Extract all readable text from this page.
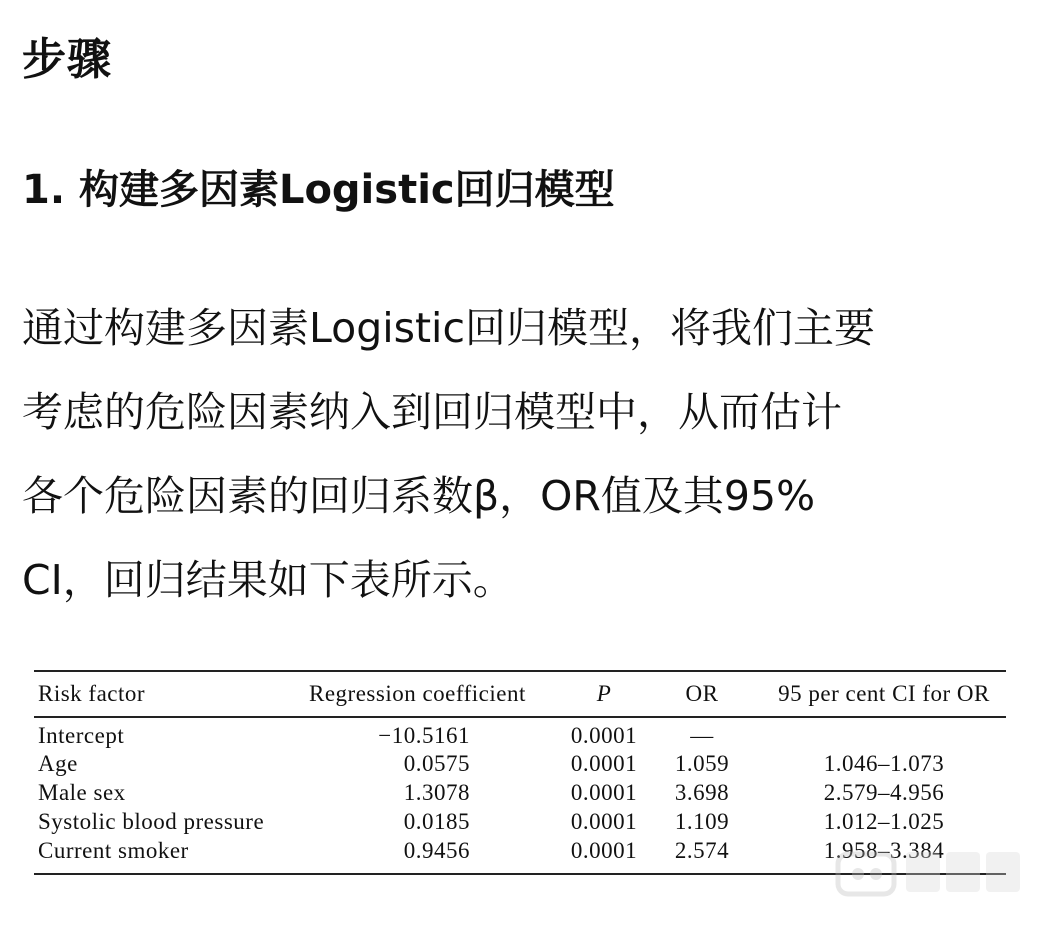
步骤
1. 构建多因素Logistic回归模型

通过构建多因素Logistic回归模型，将我们主要
考虑的危险因素纳入到回归模型中，从而估计
各个危险因素的回归系数β，OR值及其95%
CI，回归结果如下表所示。

Risk factor	Regression coefficient	P	OR	95 per cent CI for OR
Intercept	−10.5161	0.0001	—
Age	0.0575	0.0001	1.059	1.046–1.073
Male sex	1.3078	0.0001	3.698	2.579–4.956
Systolic blood pressure	0.0185	0.0001	1.109	1.012–1.025
Current smoker	0.9456	0.0001	2.574	1.958–3.384
